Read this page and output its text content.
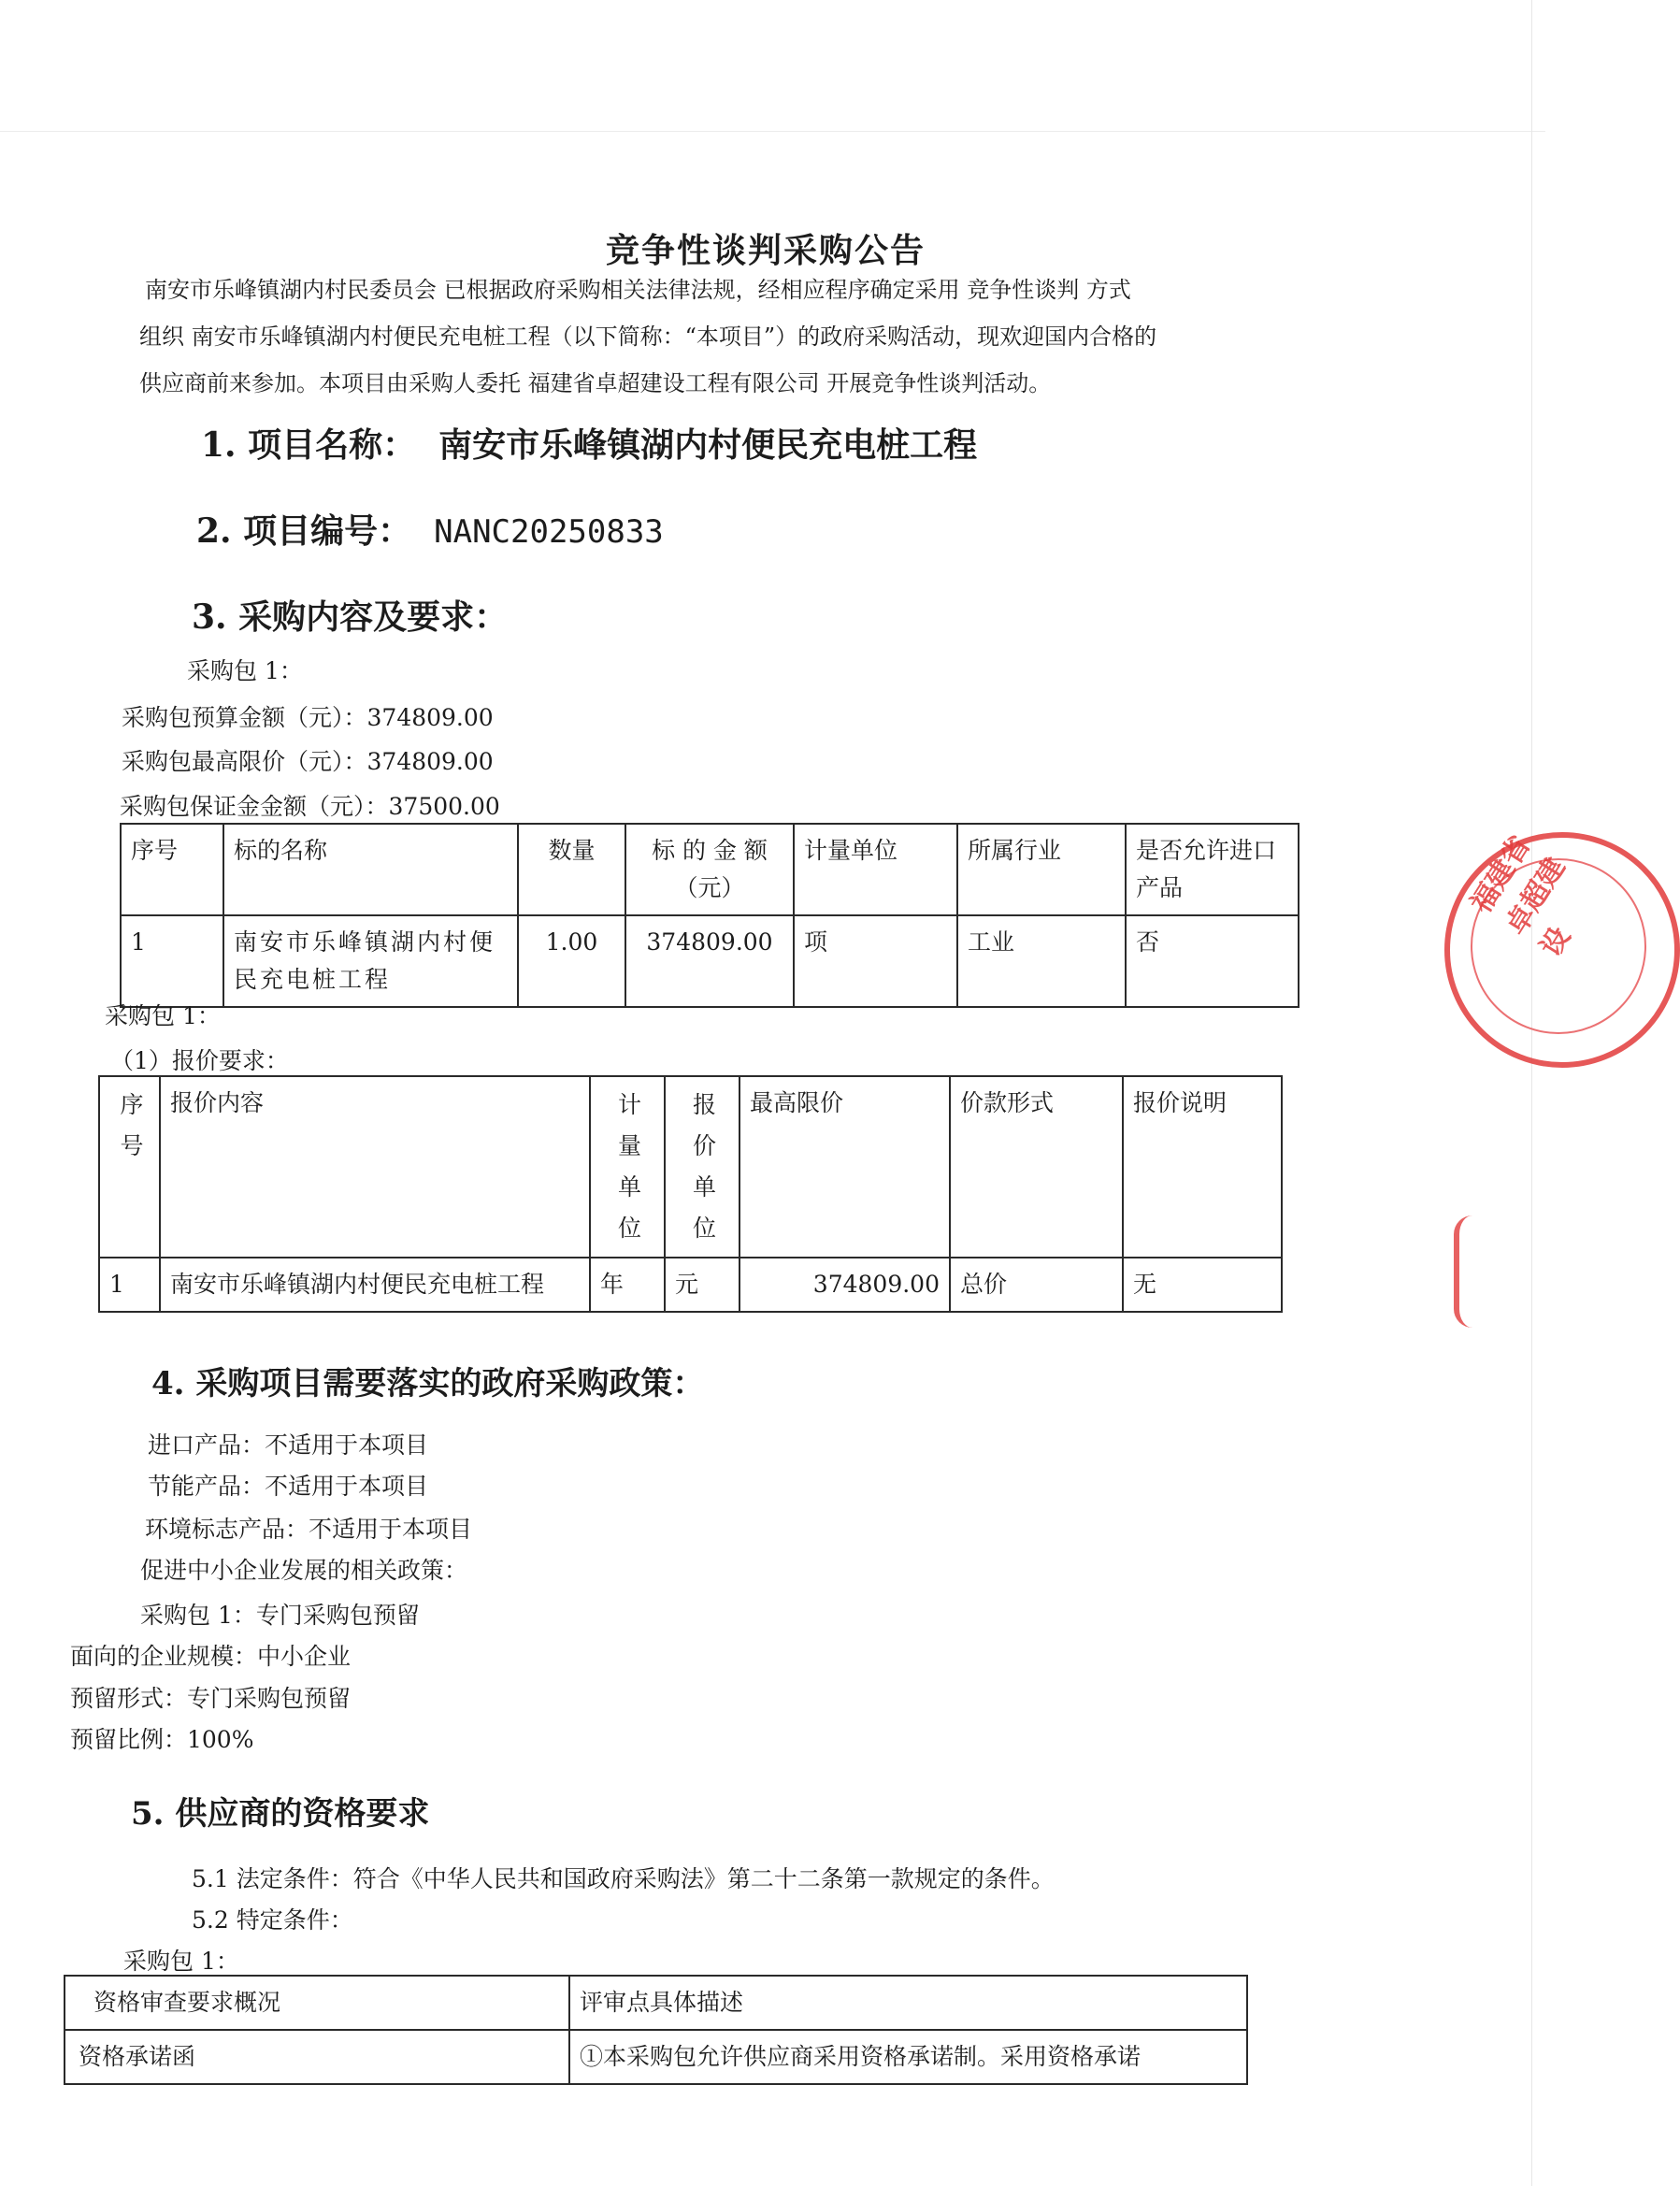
竞争性谈判采购公告

南安市乐峰镇湖内村民委员会 已根据政府采购相关法律法规，经相应程序确定采用 竞争性谈判 方式

组织 南安市乐峰镇湖内村便民充电桩工程（以下简称：“本项目”）的政府采购活动，现欢迎国内合格的

供应商前来参加。本项目由采购人委托 福建省卓超建设工程有限公司 开展竞争性谈判活动。

1. 项目名称： 南安市乐峰镇湖内村便民充电桩工程
2. 项目编号： NANC20250833
3. 采购内容及要求：
采购包 1：
采购包预算金额（元）：374809.00
采购包最高限价（元）：374809.00
采购包保证金金额（元）：37500.00
序号	标的名称	数量	标 的 金 额（元）	计量单位	所属行业	是否允许进口产品
1	南安市乐峰镇湖内村便民充电桩工程	1.00	374809.00	项	工业	否
采购包 1：
（1）报价要求：
序号	报价内容	计量单位	报价单位	最高限价	价款形式	报价说明
1	南安市乐峰镇湖内村便民充电桩工程	年	元	374809.00	总价	无
4. 采购项目需要落实的政府采购政策：
进口产品：不适用于本项目
节能产品：不适用于本项目
环境标志产品：不适用于本项目
促进中小企业发展的相关政策：
采购包 1：专门采购包预留
面向的企业规模：中小企业
预留形式：专门采购包预留
预留比例：100%
5. 供应商的资格要求
5.1 法定条件：符合《中华人民共和国政府采购法》第二十二条第一款规定的条件。
5.2 特定条件：
采购包 1：
资格审查要求概况	评审点具体描述
资格承诺函	①本采购包允许供应商采用资格承诺制。采用资格承诺
福建省卓超建设
